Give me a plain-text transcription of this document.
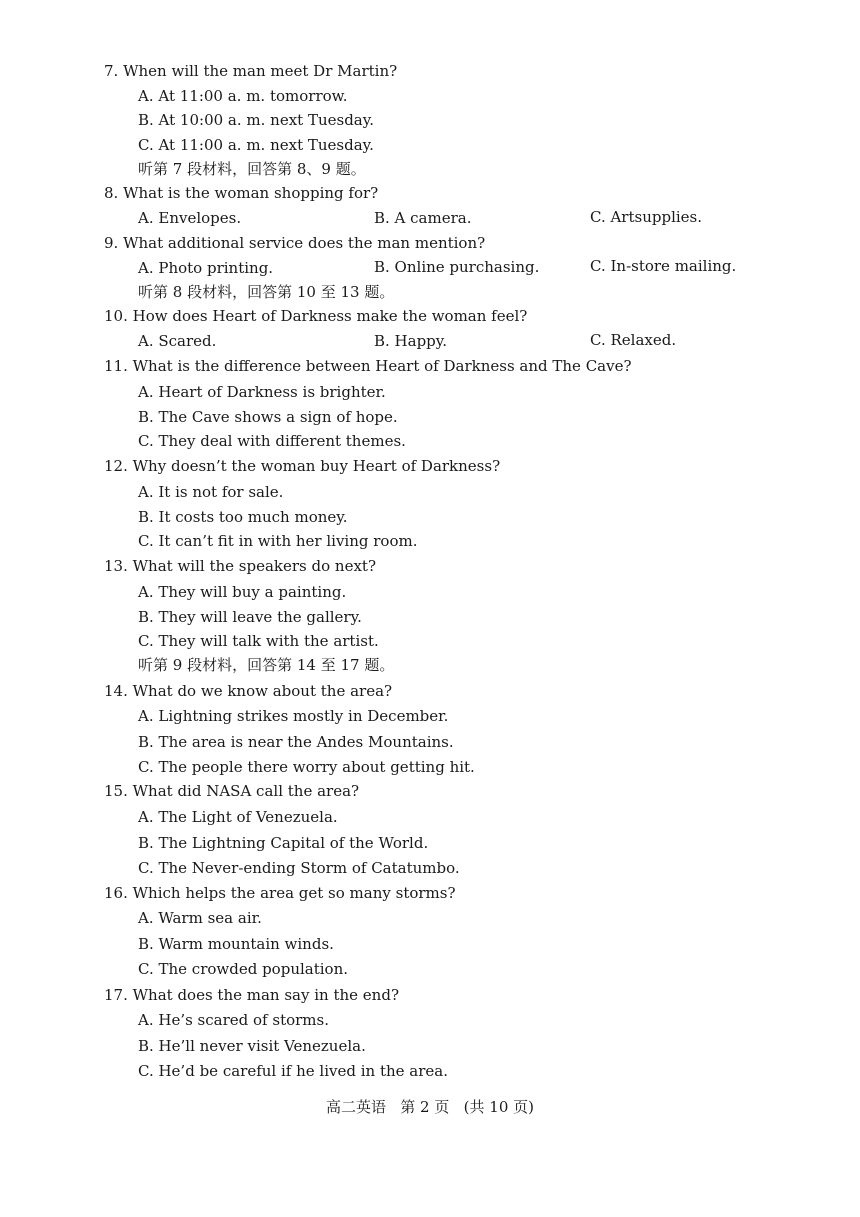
7. When will the man meet Dr Martin?
A. At 11:00 a. m. tomorrow.
B. At 10:00 a. m. next Tuesday.
C. At 11:00 a. m. next Tuesday.
听第 7 段材料，回答第 8、9 题。
8. What is the woman shopping for?
A. Envelopes.	B. A camera.	C. Artsupplies.
9. What additional service does the man mention?
A. Photo printing.	B. Online purchasing.	C. In-store mailing.
听第 8 段材料，回答第 10 至 13 题。
10. How does Heart of Darkness make the woman feel?
A. Scared.	B. Happy.	C. Relaxed.
11. What is the difference between Heart of Darkness and The Cave?
A. Heart of Darkness is brighter.
B. The Cave shows a sign of hope.
C. They deal with different themes.
12. Why doesn’t the woman buy Heart of Darkness?
A. It is not for sale.
B. It costs too much money.
C. It can’t fit in with her living room.
13. What will the speakers do next?
A. They will buy a painting.
B. They will leave the gallery.
C. They will talk with the artist.
听第 9 段材料，回答第 14 至 17 题。
14. What do we know about the area?
A. Lightning strikes mostly in December.
B. The area is near the Andes Mountains.
C. The people there worry about getting hit.
15. What did NASA call the area?
A. The Light of Venezuela.
B. The Lightning Capital of the World.
C. The Never-ending Storm of Catatumbo.
16. Which helps the area get so many storms?
A. Warm sea air.
B. Warm mountain winds.
C. The crowded population.
17. What does the man say in the end?
A. He’s scared of storms.
B. He’ll never visit Venezuela.
C. He’d be careful if he lived in the area.
高二英语   第 2 页   (共 10 页)
